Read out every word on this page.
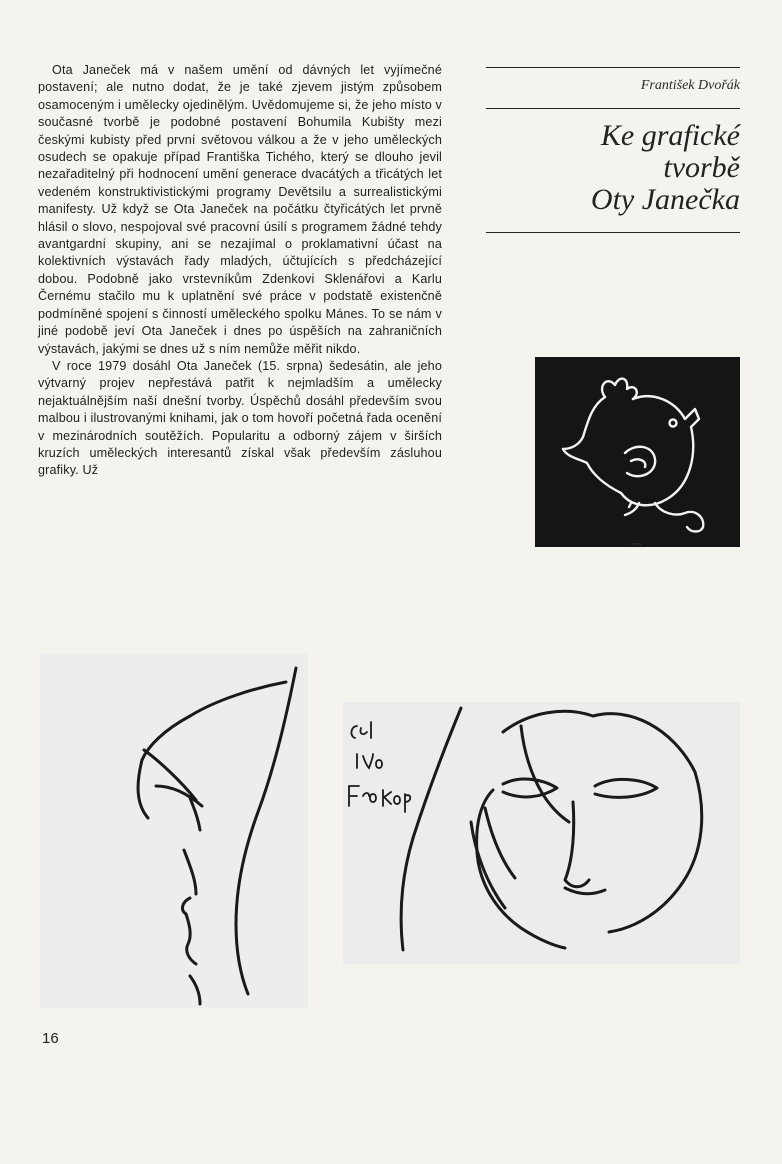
Ota Janeček má v našem umění od dávných let vyjímečné postavení; ale nutno dodat, že je také zjevem jistým způsobem osamoceným i umělecky ojedinělým. Uvědomujeme si, že jeho místo v současné tvorbě je podobné postavení Bohumila Kubišty mezi českými kubisty před první světovou válkou a že v jeho uměleckých osudech se opakuje případ Františka Tichého, který se dlouho jevil nezařaditelný při hodnocení umění generace dvacátých a třicátých let vedeném konstruktivistickými programy Devětsilu a surrealistickými manifesty. Už když se Ota Janeček na počátku čtyřicátých let prvně hlásil o slovo, nespojoval své pracovní úsilí s programem žádné tehdy avantgardní skupiny, ani se nezajímal o proklamativní účast na kolektivních výstavách řady mladých, účtujících s předcházející dobou. Podobně jako vrstevníkům Zdenkovi Sklenářovi a Karlu Černému stačilo mu k uplatnění své práce v podstatě existenčně podmíněné spojení s činností uměleckého spolku Mánes. To se nám v jiné podobě jeví Ota Janeček i dnes po úspěších na zahraničních výstavách, jakými se dnes už s ním nemůže měřit nikdo.

V roce 1979 dosáhl Ota Janeček (15. srpna) šedesátin, ale jeho výtvarný projev nepřestává patřit k nejmladším a umělecky nejaktuálnějším naší dnešní tvorby. Úspěchů dosáhl především svou malbou i ilustrovanými knihami, jak o tom hovoří početná řada ocenění v mezinárodních soutěžích. Popularitu a odborný zájem v širších kruzích uměleckých interesantů získal však především zásluhou grafiky. Už

František Dvořák
Ke grafické
tvorbě
Oty Janečka
~~~
16
